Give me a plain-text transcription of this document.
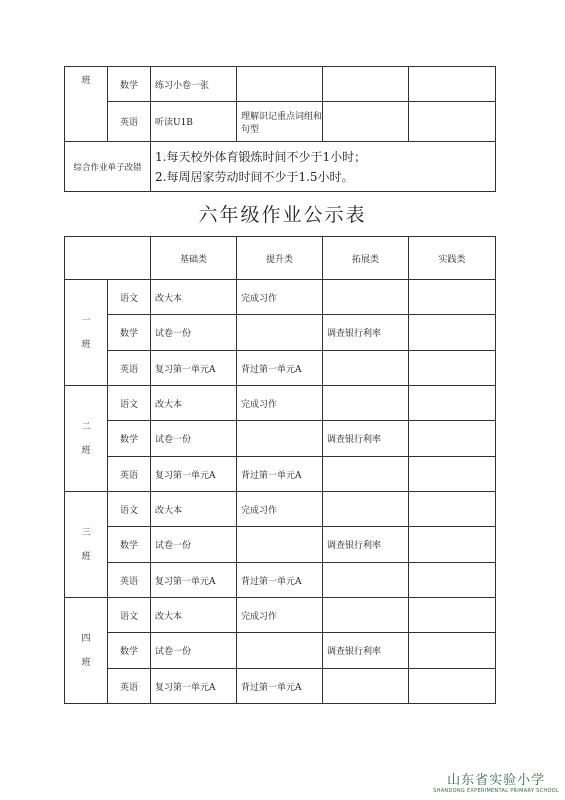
班	数学	练习小卷一张			
	英语	听读U1B	理解识记重点词组和句型		
综合作业单子改错		1.每天校外体育锻炼时间不少于1小时；
2.每周居家劳动时间不少于1.5小时。			
六年级作业公示表
		基础类	提升类	拓展类	实践类

一
班	语文	改大本	完成习作		
	数学	试卷一份		调查银行利率	
	英语	复习第一单元A	背过第一单元A		

二
班	语文	改大本	完成习作		
	数学	试卷一份		调查银行利率	
	英语	复习第一单元A	背过第一单元A		

三
班	语文	改大本	完成习作		
	数学	试卷一份		调查银行利率	
	英语	复习第一单元A	背过第一单元A		

四
班	语文	改大本	完成习作		
	数学	试卷一份		调查银行利率	
	英语	复习第一单元A	背过第一单元A		
山东省实验小学
SHANDONG EXPERIMENTAL PRIMARY SCHOOL
